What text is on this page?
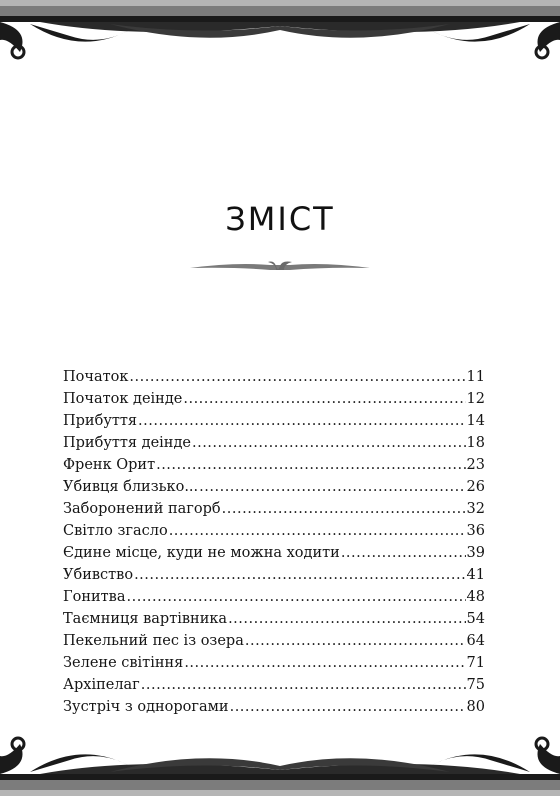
ЗМІСТ
Початок .....	11
Початок деінде .....	12
Прибуття .....	14
Прибуття деінде .....	18
Френк Орит .....	23
Убивця близько... .....	26
Заборонений пагорб .....	32
Світло згасло .....	36
Єдине місце, куди не можна ходити .....	39
Убивство .....	41
Гонитва .....	48
Таємниця вартівника .....	54
Пекельний пес із озера .....	64
Зелене світіння .....	71
Архіпелаг .....	75
Зустріч з однорогами .....	80
